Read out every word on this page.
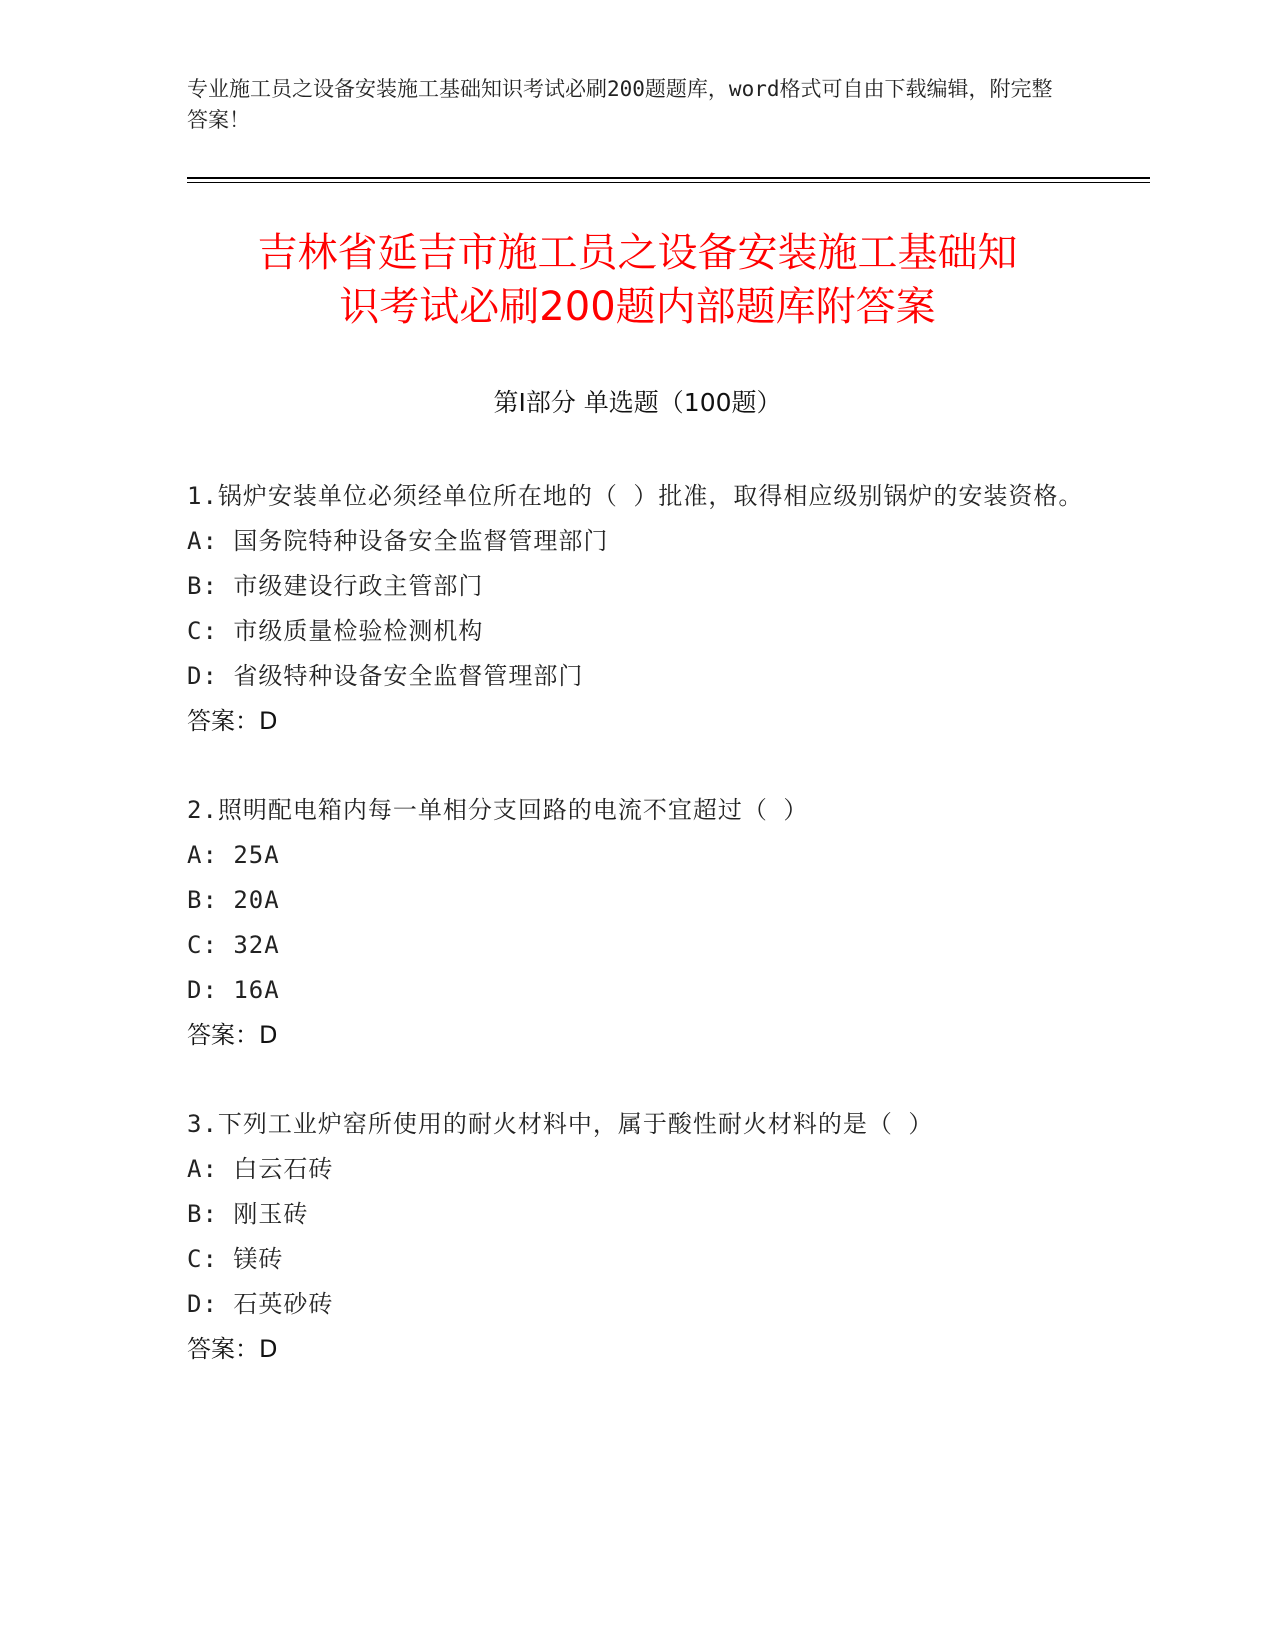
专业施工员之设备安装施工基础知识考试必刷200题题库，word格式可自由下载编辑，附完整答案！
吉林省延吉市施工员之设备安装施工基础知
识考试必刷200题内部题库附答案
第Ⅰ部分 单选题（100题）
1.锅炉安装单位必须经单位所在地的（ ）批准，取得相应级别锅炉的安装资格。
A: 国务院特种设备安全监督管理部门
B: 市级建设行政主管部门
C: 市级质量检验检测机构
D: 省级特种设备安全监督管理部门
答案：D
2.照明配电箱内每一单相分支回路的电流不宜超过（ ）
A: 25A
B: 20A
C: 32A
D: 16A
答案：D
3.下列工业炉窑所使用的耐火材料中，属于酸性耐火材料的是（ ）
A: 白云石砖
B: 刚玉砖
C: 镁砖
D: 石英砂砖
答案：D
